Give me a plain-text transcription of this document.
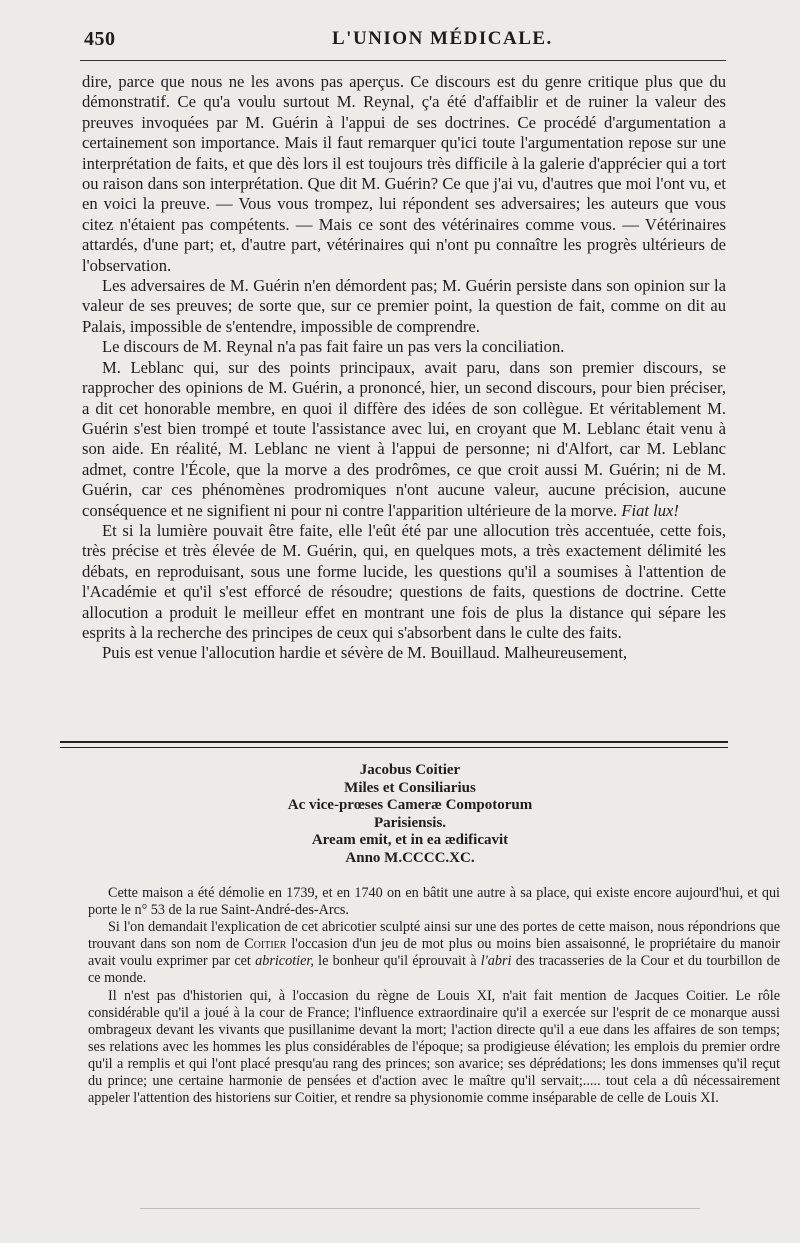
450	L'UNION MÉDICALE.

dire, parce que nous ne les avons pas aperçus. Ce discours est du genre critique plus que du démonstratif. Ce qu'a voulu surtout M. Reynal, ç'a été d'affaiblir et de ruiner la valeur des preuves invoquées par M. Guérin à l'appui de ses doctrines. Ce procédé d'argumentation a certainement son importance. Mais il faut remarquer qu'ici toute l'argumentation repose sur une interprétation de faits, et que dès lors il est toujours très difficile à la galerie d'apprécier qui a tort ou raison dans son interprétation. Que dit M. Guérin? Ce que j'ai vu, d'autres que moi l'ont vu, et en voici la preuve. — Vous vous trompez, lui répondent ses adversaires; les auteurs que vous citez n'étaient pas compétents. — Mais ce sont des vétérinaires comme vous. — Vétérinaires attardés, d'une part; et, d'autre part, vétérinaires qui n'ont pu connaître les progrès ultérieurs de l'observation.

Les adversaires de M. Guérin n'en démordent pas; M. Guérin persiste dans son opinion sur la valeur de ses preuves; de sorte que, sur ce premier point, la question de fait, comme on dit au Palais, impossible de s'entendre, impossible de comprendre.

Le discours de M. Reynal n'a pas fait faire un pas vers la conciliation.

M. Leblanc qui, sur des points principaux, avait paru, dans son premier discours, se rapprocher des opinions de M. Guérin, a prononcé, hier, un second discours, pour bien préciser, a dit cet honorable membre, en quoi il diffère des idées de son collègue. Et véritablement M. Guérin s'est bien trompé et toute l'assistance avec lui, en croyant que M. Leblanc était venu à son aide. En réalité, M. Leblanc ne vient à l'appui de personne; ni d'Alfort, car M. Leblanc admet, contre l'École, que la morve a des prodrômes, ce que croit aussi M. Guérin; ni de M. Guérin, car ces phénomènes prodromiques n'ont aucune valeur, aucune précision, aucune conséquence et ne signifient ni pour ni contre l'apparition ultérieure de la morve. Fiat lux!

Et si la lumière pouvait être faite, elle l'eût été par une allocution très accentuée, cette fois, très précise et très élevée de M. Guérin, qui, en quelques mots, a très exactement délimité les débats, en reproduisant, sous une forme lucide, les questions qu'il a soumises à l'attention de l'Académie et qu'il s'est efforcé de résoudre; questions de faits, questions de doctrine. Cette allocution a produit le meilleur effet en montrant une fois de plus la distance qui sépare les esprits à la recherche des principes de ceux qui s'absorbent dans le culte des faits.

Puis est venue l'allocution hardie et sévère de M. Bouillaud. Malheureusement,

Jacobus Coitier
Miles et Consiliarius
Ac vice-prœses Cameræ Compotorum
Parisiensis.
Aream emit, et in ea ædificavit
Anno M.CCCC.XC.

Cette maison a été démolie en 1739, et en 1740 on en bâtit une autre à sa place, qui existe encore aujourd'hui, et qui porte le n° 53 de la rue Saint-André-des-Arcs.

Si l'on demandait l'explication de cet abricotier sculpté ainsi sur une des portes de cette maison, nous répondrions que trouvant dans son nom de Coitier l'occasion d'un jeu de mot plus ou moins bien assaisonné, le propriétaire du manoir avait voulu exprimer par cet abricotier, le bonheur qu'il éprouvait à l'abri des tracasseries de la Cour et du tourbillon de ce monde.

Il n'est pas d'historien qui, à l'occasion du règne de Louis XI, n'ait fait mention de Jacques Coitier. Le rôle considérable qu'il a joué à la cour de France; l'influence extraordinaire qu'il a exercée sur l'esprit de ce monarque aussi ombrageux devant les vivants que pusillanime devant la mort; l'action directe qu'il a eue dans les affaires de son temps; ses relations avec les hommes les plus considérables de l'époque; sa prodigieuse élévation; les emplois du premier ordre qu'il a remplis et qui l'ont placé presqu'au rang des princes; son avarice; ses déprédations; les dons immenses qu'il reçut du prince; une certaine harmonie de pensées et d'action avec le maître qu'il servait;..... tout cela a dû nécessairement appeler l'attention des historiens sur Coitier, et rendre sa physionomie comme inséparable de celle de Louis XI.
